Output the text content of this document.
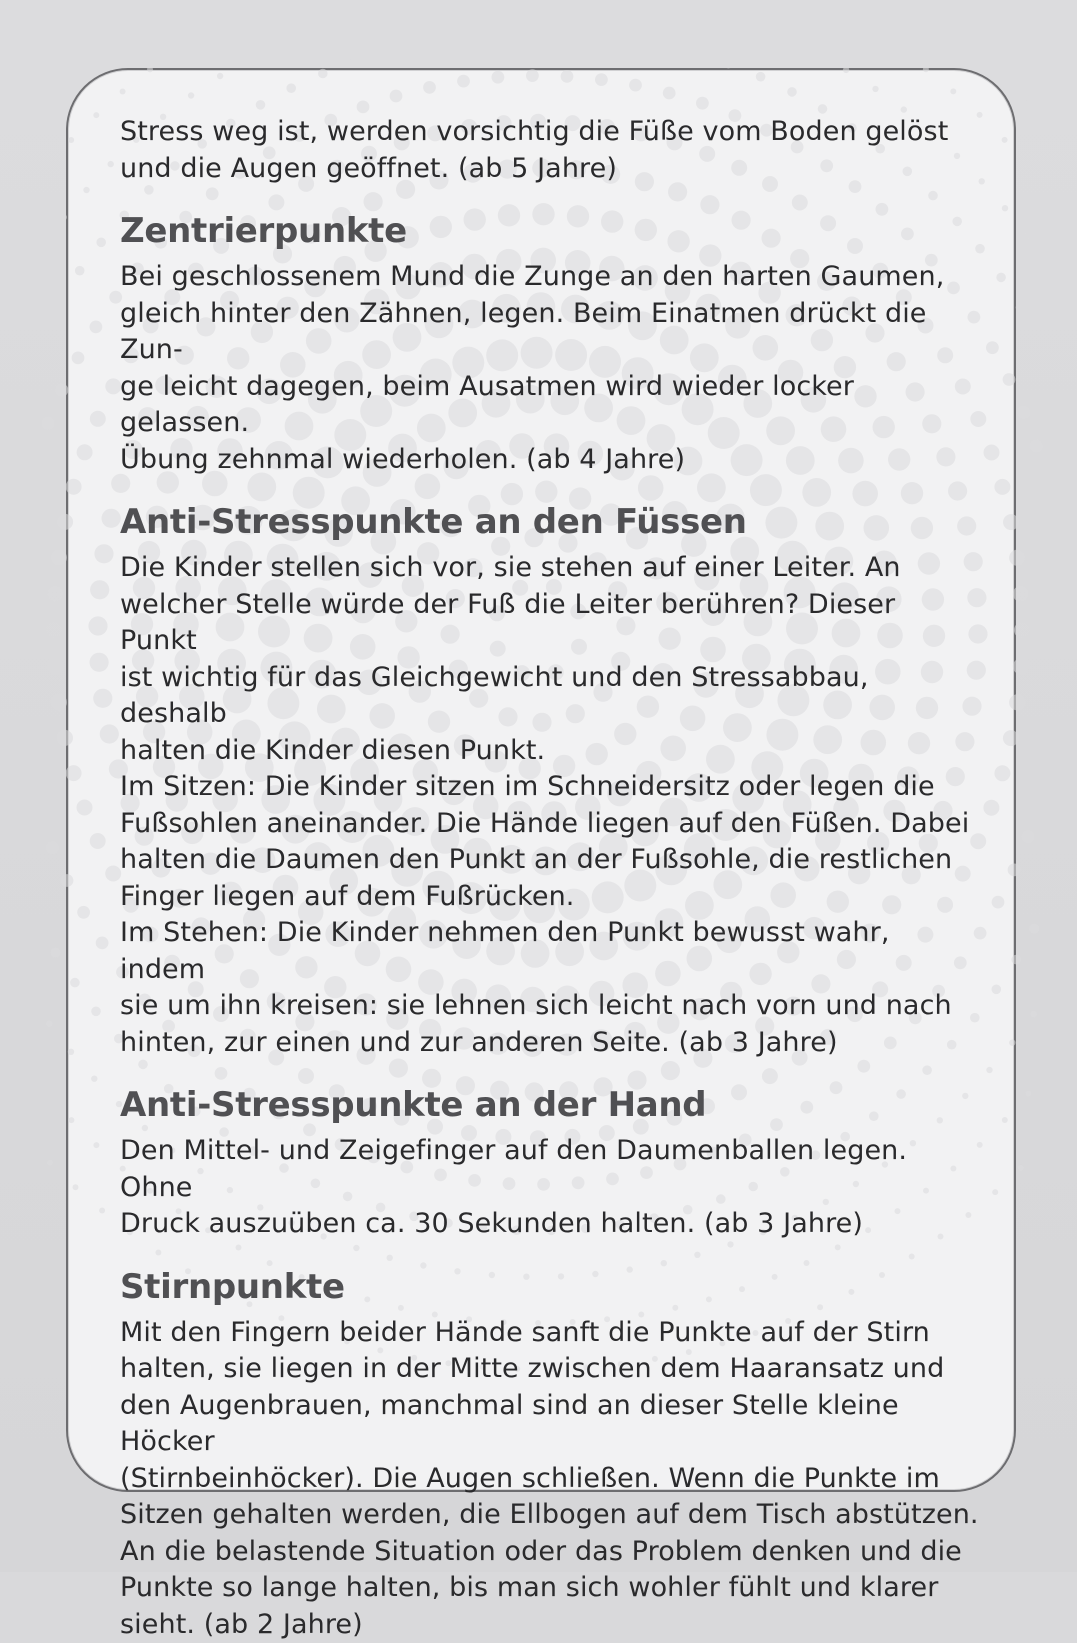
Stress weg ist, werden vorsichtig die Füße vom Boden gelöst
und die Augen geöffnet. (ab 5 Jahre)

Zentrierpunkte

Bei geschlossenem Mund die Zunge an den harten Gaumen,
gleich hinter den Zähnen, legen. Beim Einatmen drückt die Zun-
ge leicht dagegen, beim Ausatmen wird wieder locker gelassen.
Übung zehnmal wiederholen. (ab 4 Jahre)

Anti-Stresspunkte an den Füssen

Die Kinder stellen sich vor, sie stehen auf einer Leiter. An
welcher Stelle würde der Fuß die Leiter berühren? Dieser Punkt
ist wichtig für das Gleichgewicht und den Stressabbau, deshalb
halten die Kinder diesen Punkt.
Im Sitzen: Die Kinder sitzen im Schneidersitz oder legen die
Fußsohlen aneinander. Die Hände liegen auf den Füßen. Dabei
halten die Daumen den Punkt an der Fußsohle, die restlichen
Finger liegen auf dem Fußrücken.
Im Stehen: Die Kinder nehmen den Punkt bewusst wahr, indem
sie um ihn kreisen: sie lehnen sich leicht nach vorn und nach
hinten, zur einen und zur anderen Seite. (ab 3 Jahre)

Anti-Stresspunkte an der Hand

Den Mittel- und Zeigefinger auf den Daumenballen legen. Ohne
Druck auszuüben ca. 30 Sekunden halten. (ab 3 Jahre)

Stirnpunkte

Mit den Fingern beider Hände sanft die Punkte auf der Stirn
halten, sie liegen in der Mitte zwischen dem Haaransatz und
den Augenbrauen, manchmal sind an dieser Stelle kleine Höcker
(Stirnbeinhöcker). Die Augen schließen. Wenn die Punkte im
Sitzen gehalten werden, die Ellbogen auf dem Tisch abstützen.
An die belastende Situation oder das Problem denken und die
Punkte so lange halten, bis man sich wohler fühlt und klarer
sieht. (ab 2 Jahre)
